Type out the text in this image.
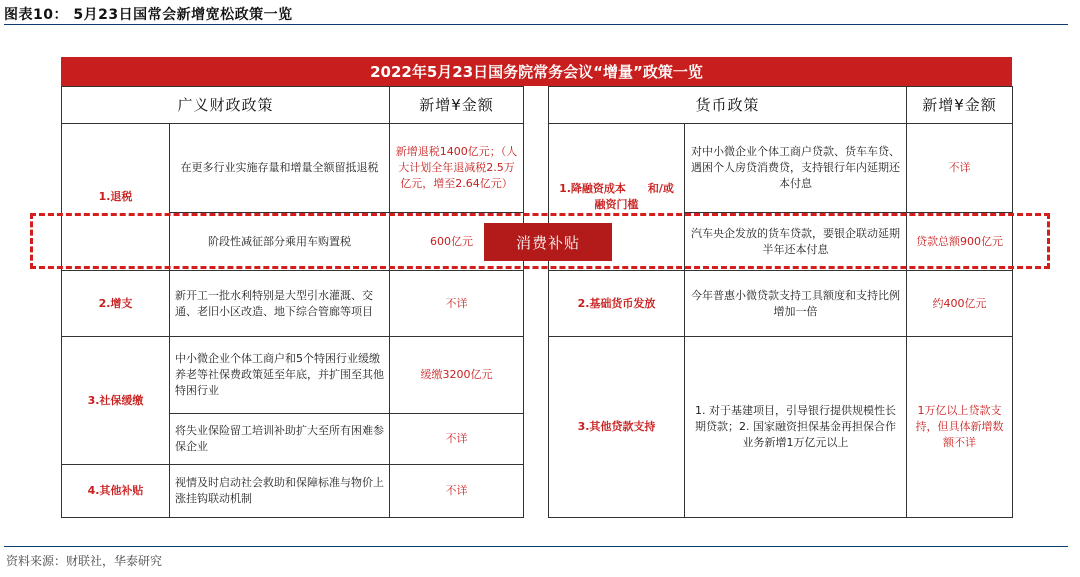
图表10： 5月23日国常会新增宽松政策一览
2022年5月23日国务院常务会议“增量”政策一览
广义财政政策		新增¥金额
1.退税	在更多行业实施存量和增量全额留抵退税	新增退税1400亿元；（人大计划全年退减税2.5万亿元，增至2.64亿元）
	阶段性减征部分乘用车购置税	600亿元
2.增支	新开工一批水利特别是大型引水灌溉、交通、老旧小区改造、地下综合管廊等项目	不详
3.社保缓缴	中小微企业个体工商户和5个特困行业缓缴养老等社保费政策延至年底，并扩围至其他特困行业	缓缴3200亿元
	将失业保险留工培训补助扩大至所有困难参保企业	不详
4.其他补贴	视情及时启动社会救助和保障标准与物价上涨挂钩联动机制	不详
货币政策		新增¥金额
1.降融资成本　　和/或融资门槛	对中小微企业个体工商户贷款、货车车贷、遇困个人房贷消费贷，支持银行年内延期还本付息	不详
	汽车央企发放的货车贷款，要银企联动延期半年还本付息	贷款总额900亿元
2.基础货币发放	今年普惠小微贷款支持工具额度和支持比例增加一倍	约400亿元
3.其他贷款支持	1. 对于基建项目，引导银行提供规模性长期贷款；2. 国家融资担保基金再担保合作业务新增1万亿元以上	1万亿以上贷款支持，但具体新增数额不详
消费补贴
资料来源：财联社，华泰研究
